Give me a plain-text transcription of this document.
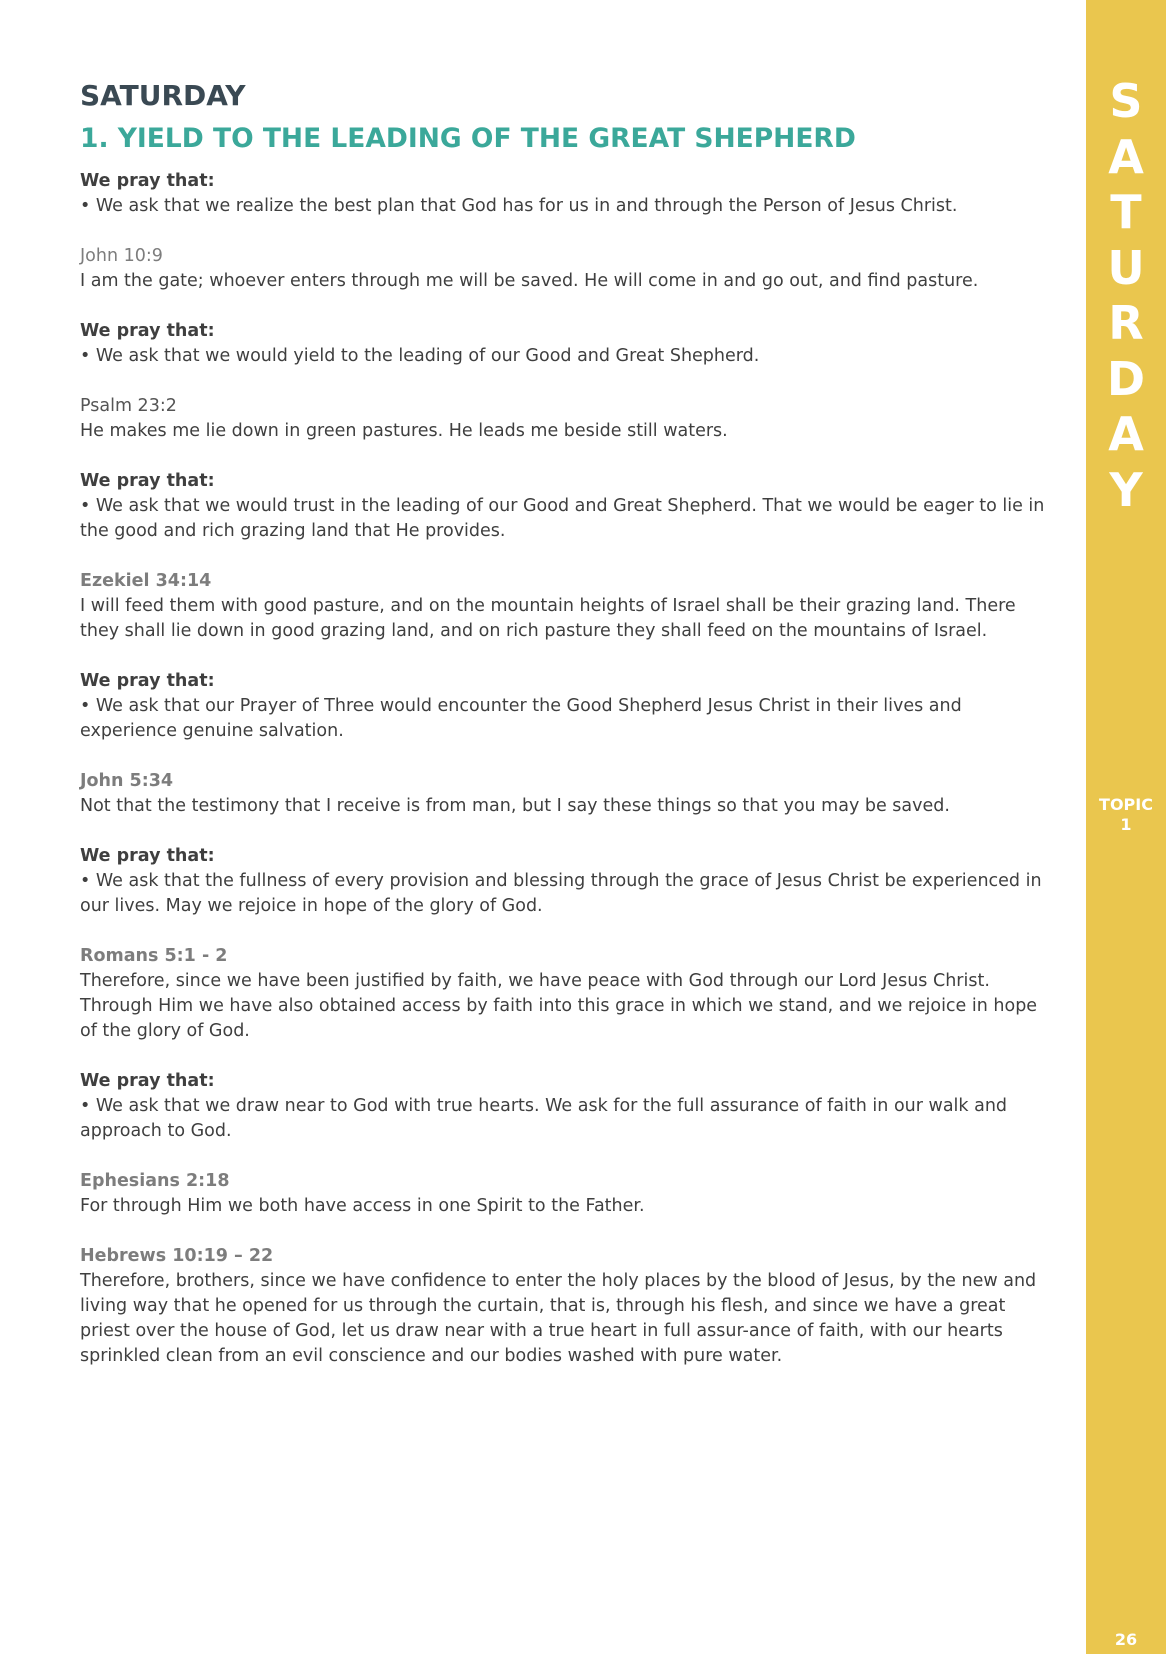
S
A
T
U
R
D
A
Y
TOPIC
1
26
SATURDAY
1. YIELD TO THE LEADING OF THE GREAT SHEPHERD
We pray that:
• We ask that we realize the best plan that God has for us in and through the Person of Jesus Christ.
John 10:9
I am the gate; whoever enters through me will be saved. He will come in and go out, and find pasture.
We pray that:
• We ask that we would yield to the leading of our Good and Great Shepherd.
Psalm 23:2
He makes me lie down in green pastures. He leads me beside still waters.
We pray that:
• We ask that we would trust in the leading of our Good and Great Shepherd. That we would be eager to lie in the good and rich grazing land that He provides.
Ezekiel 34:14
I will feed them with good pasture, and on the mountain heights of Israel shall be their grazing land. There they shall lie down in good grazing land, and on rich pasture they shall feed on the mountains of Israel.
We pray that:
• We ask that our Prayer of Three would encounter the Good Shepherd Jesus Christ in their lives and experience genuine salvation.
John 5:34
Not that the testimony that I receive is from man, but I say these things so that you may be saved.
We pray that:
• We ask that the fullness of every provision and blessing through the grace of Jesus Christ be experienced in our lives. May we rejoice in hope of the glory of God.
Romans 5:1 - 2
Therefore, since we have been justified by faith, we have peace with God through our Lord Jesus Christ. Through Him we have also obtained access by faith into this grace in which we stand, and we rejoice in hope of the glory of God.
We pray that:
• We ask that we draw near to God with true hearts. We ask for the full assurance of faith in our walk and approach to God.
Ephesians 2:18
For through Him we both have access in one Spirit to the Father.
Hebrews 10:19 – 22
Therefore, brothers, since we have confidence to enter the holy places by the blood of Jesus, by the new and living way that he opened for us through the curtain, that is, through his flesh, and since we have a great priest over the house of God, let us draw near with a true heart in full assur-ance of faith, with our hearts sprinkled clean from an evil conscience and our bodies washed with pure water.
